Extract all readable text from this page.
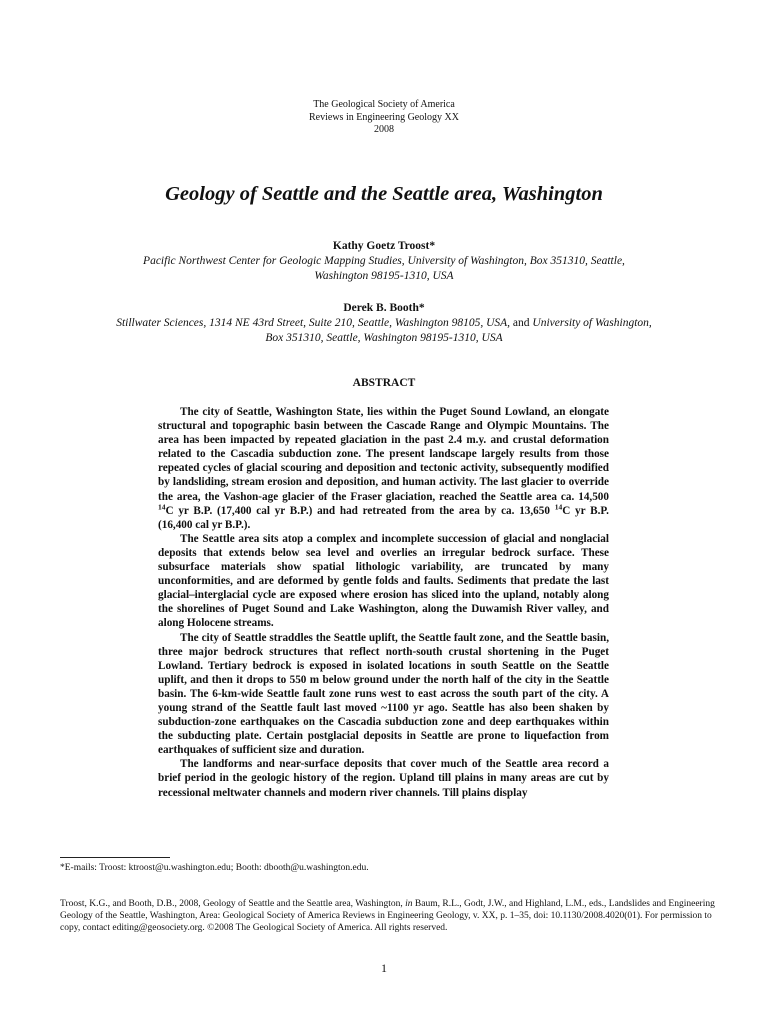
The Geological Society of America
Reviews in Engineering Geology XX
2008
Geology of Seattle and the Seattle area, Washington
Kathy Goetz Troost*
Pacific Northwest Center for Geologic Mapping Studies, University of Washington, Box 351310, Seattle,
Washington 98195-1310, USA
Derek B. Booth*
Stillwater Sciences, 1314 NE 43rd Street, Suite 210, Seattle, Washington 98105, USA, and University of Washington,
Box 351310, Seattle, Washington 98195-1310, USA
ABSTRACT

The city of Seattle, Washington State, lies within the Puget Sound Lowland, an elongate structural and topographic basin between the Cascade Range and Olympic Mountains. The area has been impacted by repeated glaciation in the past 2.4 m.y. and crustal deformation related to the Cascadia subduction zone. The present landscape largely results from those repeated cycles of glacial scouring and deposition and tectonic activity, subsequently modified by landsliding, stream erosion and deposition, and human activity. The last glacier to override the area, the Vashon-age glacier of the Fraser glaciation, reached the Seattle area ca. 14,500 $^{14}$C yr B.P. (17,400 cal yr B.P.) and had retreated from the area by ca. 13,650 $^{14}$C yr B.P. (16,400 cal yr B.P.).

The Seattle area sits atop a complex and incomplete succession of glacial and nonglacial deposits that extends below sea level and overlies an irregular bedrock surface. These subsurface materials show spatial lithologic variability, are truncated by many unconformities, and are deformed by gentle folds and faults. Sediments that predate the last glacial–interglacial cycle are exposed where erosion has sliced into the upland, notably along the shorelines of Puget Sound and Lake Washington, along the Duwamish River valley, and along Holocene streams.

The city of Seattle straddles the Seattle uplift, the Seattle fault zone, and the Seattle basin, three major bedrock structures that reflect north-south crustal shortening in the Puget Lowland. Tertiary bedrock is exposed in isolated locations in south Seattle on the Seattle uplift, and then it drops to 550 m below ground under the north half of the city in the Seattle basin. The 6-km-wide Seattle fault zone runs west to east across the south part of the city. A young strand of the Seattle fault last moved ~1100 yr ago. Seattle has also been shaken by subduction-zone earthquakes on the Cascadia subduction zone and deep earthquakes within the subducting plate. Certain postglacial deposits in Seattle are prone to liquefaction from earthquakes of sufficient size and duration.

The landforms and near-surface deposits that cover much of the Seattle area record a brief period in the geologic history of the region. Upland till plains in many areas are cut by recessional meltwater channels and modern river channels. Till plains display

*E-mails: Troost: ktroost@u.washington.edu; Booth: dbooth@u.washington.edu.
Troost, K.G., and Booth, D.B., 2008, Geology of Seattle and the Seattle area, Washington, in Baum, R.L., Godt, J.W., and Highland, L.M., eds., Landslides and Engineering Geology of the Seattle, Washington, Area: Geological Society of America Reviews in Engineering Geology, v. XX, p. 1–35, doi: 10.1130/2008.4020(01). For permission to copy, contact editing@geosociety.org. ©2008 The Geological Society of America. All rights reserved.
1
